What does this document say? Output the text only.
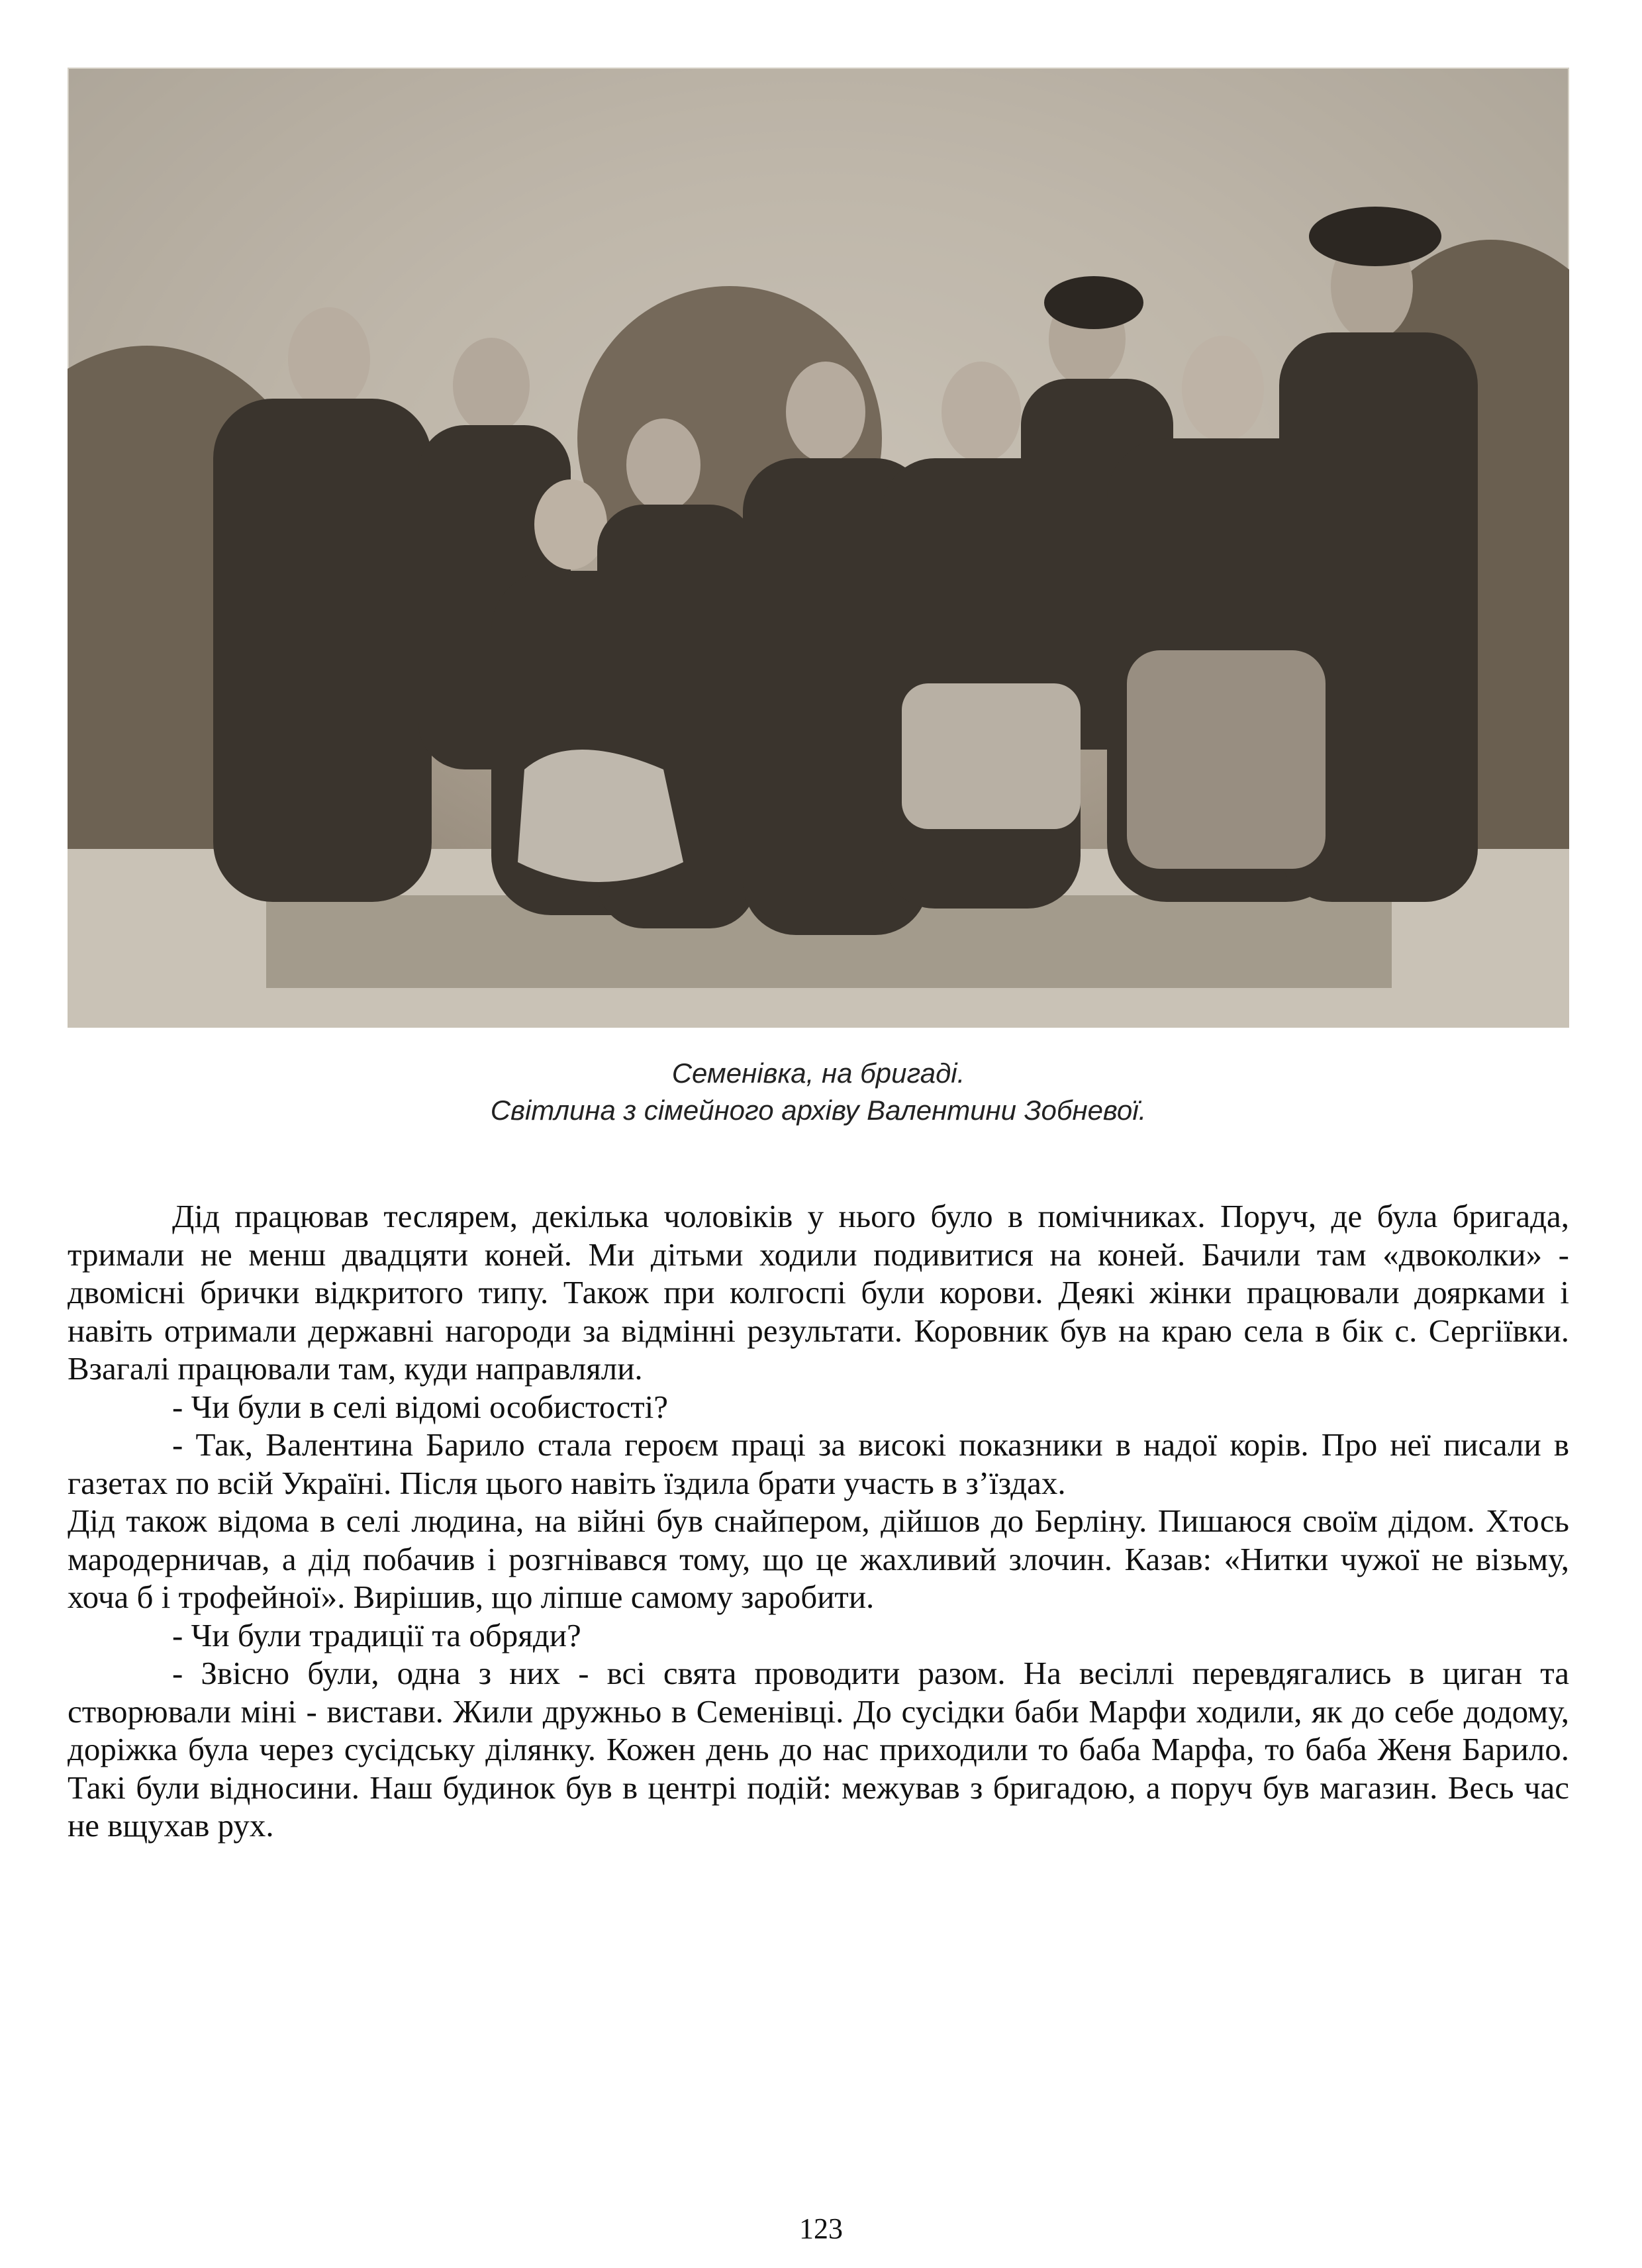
Семенівка, на бригаді.
Світлина з сімейного архіву Валентини Зобневої.

Дід працював теслярем, декілька чоловіків у нього було в помічниках. Поруч, де була бригада, тримали не менш двадцяти коней. Ми дітьми ходили подивитися на коней. Бачили там «двоколки» - двомісні брички відкритого типу. Також при колгоспі були корови. Деякі жінки працювали доярками і навіть отримали державні нагороди за відмінні результати. Коровник був на краю села в бік с. Сергіївки. Взагалі працювали там, куди направляли.

- Чи були в селі відомі особистості?

- Так, Валентина Барило стала героєм праці за високі показники в надої корів. Про неї писали в газетах по всій Україні. Після цього навіть їздила брати участь в з’їздах.

Дід також відома в селі людина, на війні був снайпером, дійшов до Берліну. Пишаюся своїм дідом. Хтось мародерничав, а дід побачив і розгнівався тому, що це жахливий злочин. Казав: «Нитки чужої не візьму, хоча б і трофейної». Вирішив, що ліпше самому заробити.

- Чи були традиції та обряди?

- Звісно були, одна з них - всі свята проводити разом. На весіллі перевдягались в циган та створювали міні - вистави. Жили дружньо в Семенівці. До сусідки баби Марфи ходили, як до себе додому, доріжка була через сусідську ділянку. Кожен день до нас приходили то баба Марфа, то баба Женя Барило. Такі були відносини. Наш будинок був в центрі подій: межував з бригадою, а поруч був магазин. Весь час не вщухав рух.

123
